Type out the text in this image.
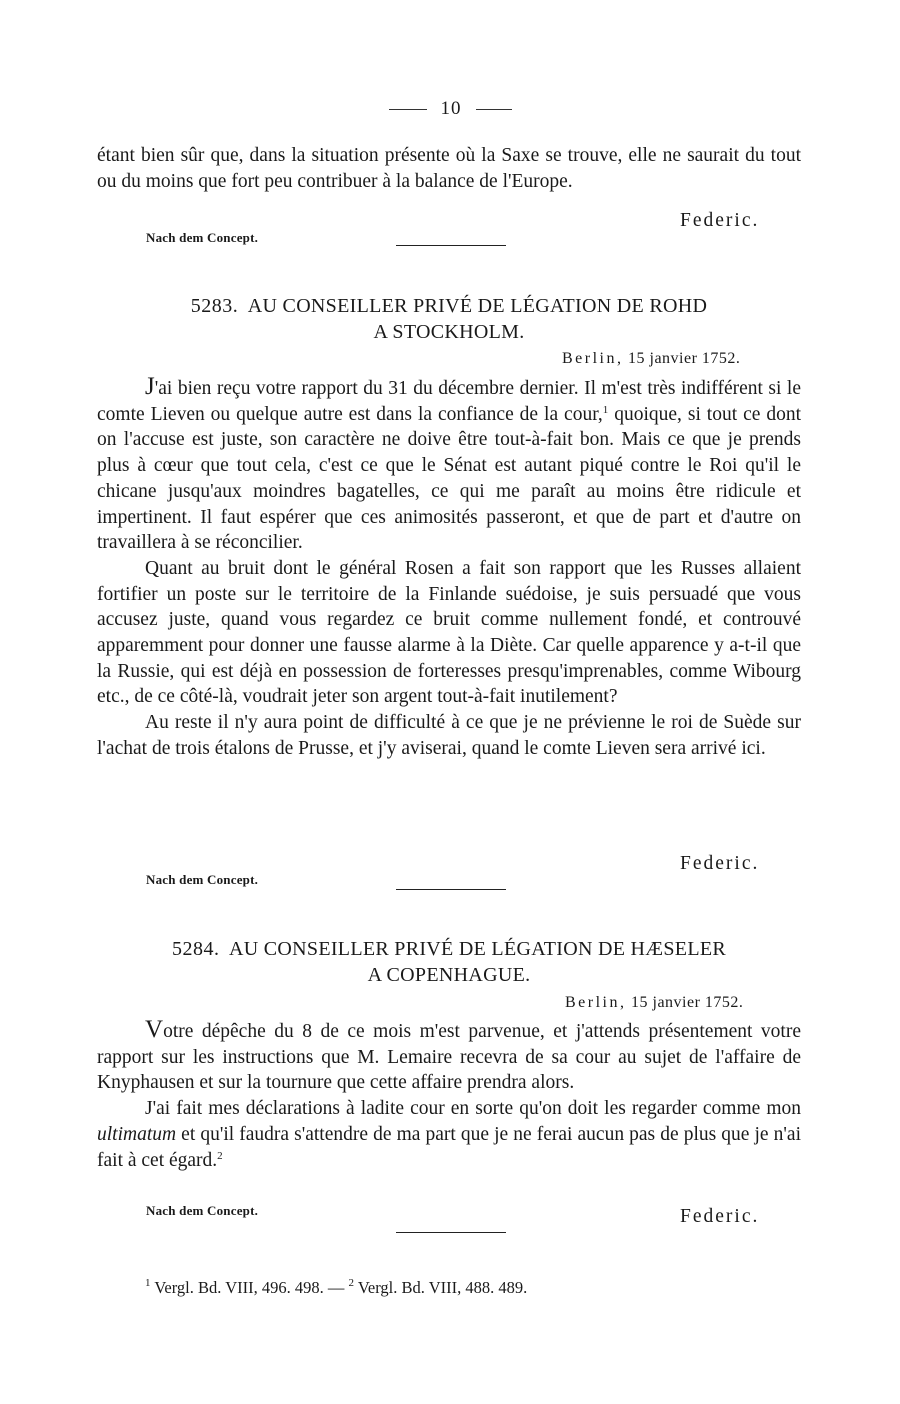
10

étant bien sûr que, dans la situation présente où la Saxe se trouve, elle ne saurait du tout ou du moins que fort peu contribuer à la balance de l'Europe.

Federic.
Nach dem Concept.
5283. AU CONSEILLER PRIVÉ DE LÉGATION DE ROHD
A STOCKHOLM.
Berlin, 15 janvier 1752.

J'ai bien reçu votre rapport du 31 du décembre dernier. Il m'est très indifférent si le comte Lieven ou quelque autre est dans la confiance de la cour,$^1$ quoique, si tout ce dont on l'accuse est juste, son caractère ne doive être tout-à-fait bon. Mais ce que je prends plus à cœur que tout cela, c'est ce que le Sénat est autant piqué contre le Roi qu'il le chicane jusqu'aux moindres bagatelles, ce qui me paraît au moins être ridicule et impertinent. Il faut espérer que ces animosités passeront, et que de part et d'autre on travaillera à se réconcilier.

Quant au bruit dont le général Rosen a fait son rapport que les Russes allaient fortifier un poste sur le territoire de la Finlande suédoise, je suis persuadé que vous accusez juste, quand vous regardez ce bruit comme nullement fondé, et controuvé apparemment pour donner une fausse alarme à la Diète. Car quelle apparence y a-t-il que la Russie, qui est déjà en possession de forteresses presqu'imprenables, comme Wibourg etc., de ce côté-là, voudrait jeter son argent tout-à-fait inutilement?

Au reste il n'y aura point de difficulté à ce que je ne prévienne le roi de Suède sur l'achat de trois étalons de Prusse, et j'y aviserai, quand le comte Lieven sera arrivé ici.

Federic.
Nach dem Concept.
5284. AU CONSEILLER PRIVÉ DE LÉGATION DE HÆSELER
A COPENHAGUE.
Berlin, 15 janvier 1752.

Votre dépêche du 8 de ce mois m'est parvenue, et j'attends présentement votre rapport sur les instructions que M. Lemaire recevra de sa cour au sujet de l'affaire de Knyphausen et sur la tournure que cette affaire prendra alors.

J'ai fait mes déclarations à ladite cour en sorte qu'on doit les regarder comme mon ultimatum et qu'il faudra s'attendre de ma part que je ne ferai aucun pas de plus que je n'ai fait à cet égard.$^2$

Federic.
Nach dem Concept.
$^1$ Vergl. Bd. VIII, 496. 498. — $^2$ Vergl. Bd. VIII, 488. 489.
